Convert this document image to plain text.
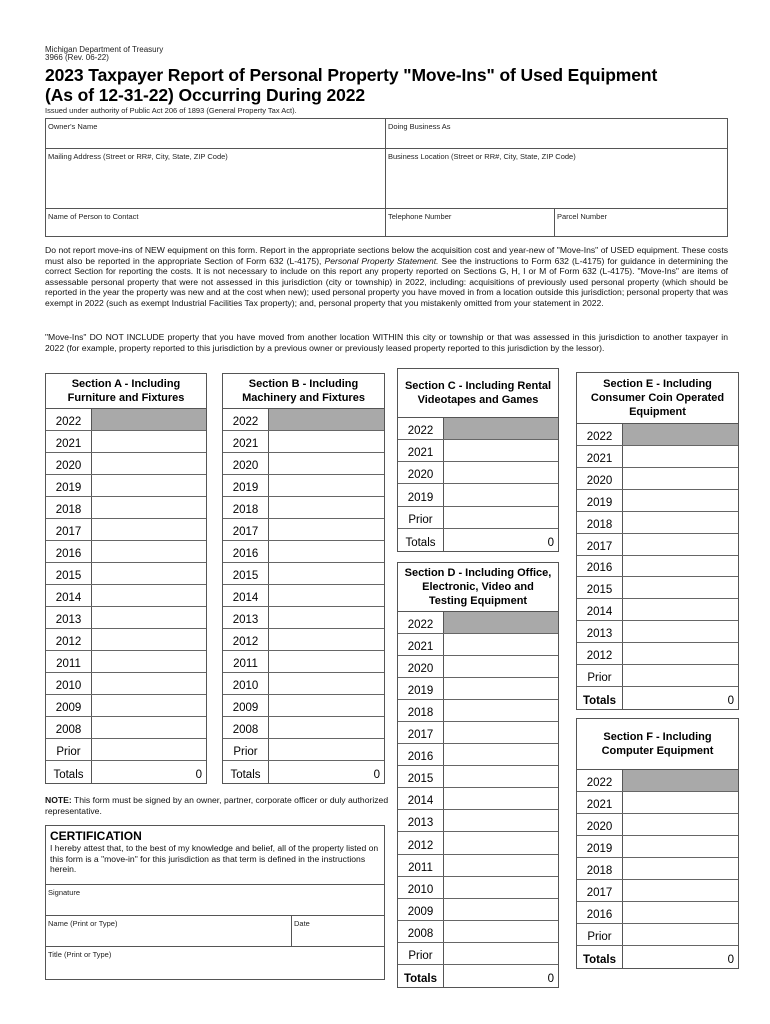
Michigan Department of Treasury
3966 (Rev. 06-22)
2023 Taxpayer Report of Personal Property "Move-Ins" of Used Equipment
(As of 12-31-22) Occurring During 2022
Issued under authority of Public Act 206 of 1893 (General Property Tax Act).
Owner's Name	Doing Business As
Mailing Address (Street or RR#, City, State, ZIP Code)	Business Location (Street or RR#, City, State, ZIP Code)
Name of Person to Contact	Telephone Number	Parcel Number
Do not report move-ins of NEW equipment on this form. Report in the appropriate sections below the acquisition cost and year-new of "Move-Ins" of USED equipment. These costs must also be reported in the appropriate Section of Form 632 (L-4175), Personal Property Statement. See the instructions to Form 632 (L-4175) for guidance in determining the correct Section for reporting the costs. It is not necessary to include on this report any property reported on Sections G, H, I or M of Form 632 (L-4175). "Move-Ins" are items of assessable personal property that were not assessed in this jurisdiction (city or township) in 2022, including: acquisitions of previously used personal property (which should be reported in the year the property was new and at the cost when new); used personal property you have moved in from a location outside this jurisdiction; personal property that was exempt in 2022 (such as exempt Industrial Facilities Tax property); and, personal property that you mistakenly omitted from your statement in 2022.
"Move-Ins" DO NOT INCLUDE property that you have moved from another location WITHIN this city or township or that was assessed in this jurisdiction to another taxpayer in 2022 (for example, property reported to this jurisdiction by a previous owner or previously leased property reported to this jurisdiction by the lessor).
Section A - Including Furniture and Fixtures
2022
2021
2020
2019
2018
2017
2016
2015
2014
2013
2012
2011
2010
2009
2008
Prior
Totals	0
Section B - Including Machinery and Fixtures
2022
2021
2020
2019
2018
2017
2016
2015
2014
2013
2012
2011
2010
2009
2008
Prior
Totals	0
Section C - Including Rental Videotapes and Games
2022
2021
2020
2019
Prior
Totals	0
Section D - Including Office, Electronic, Video and Testing Equipment
2022
2021
2020
2019
2018
2017
2016
2015
2014
2013
2012
2011
2010
2009
2008
Prior
Totals	0
Section E - Including Consumer Coin Operated Equipment
2022
2021
2020
2019
2018
2017
2016
2015
2014
2013
2012
Prior
Totals	0
Section F - Including Computer Equipment
2022
2021
2020
2019
2018
2017
2016
Prior
Totals	0
NOTE: This form must be signed by an owner, partner, corporate officer or duly authorized representative.
CERTIFICATION
I hereby attest that, to the best of my knowledge and belief, all of the property listed on this form is a "move-in" for this jurisdiction as that term is defined in the instructions herein.
Signature
Name (Print or Type)	Date
Title (Print or Type)
